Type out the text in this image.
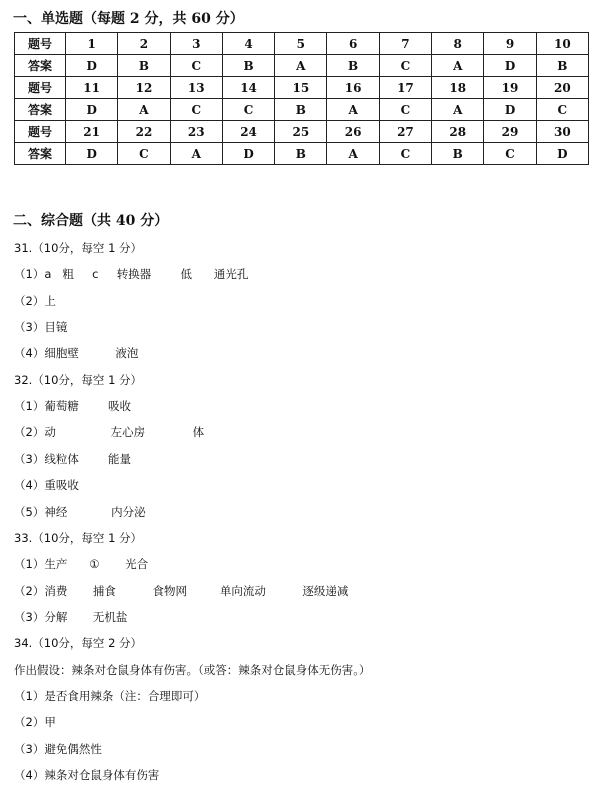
一、单选题（每题 2 分，共 60 分）
题号	1	2	3	4	5	6	7	8	9	10
答案	D	B	C	B	A	B	C	A	D	B
题号	11	12	13	14	15	16	17	18	19	20
答案	D	A	C	C	B	A	C	A	D	C
题号	21	22	23	24	25	26	27	28	29	30
答案	D	C	A	D	B	A	C	B	C	D
二、综合题（共 40 分）
31.（10分，每空 1 分）
（1）a   粗     c     转换器        低      通光孔
（2）上
（3）目镜
（4）细胞壁          液泡
32.（10分，每空 1 分）
（1）葡萄糖        吸收
（2）动               左心房             体
（3）线粒体        能量
（4）重吸收
（5）神经            内分泌
33.（10分，每空 1 分）
（1）生产      ①       光合
（2）消费       捕食          食物网         单向流动          逐级递减
（3）分解       无机盐
34.（10分，每空 2 分）
作出假设：辣条对仓鼠身体有伤害。（或答：辣条对仓鼠身体无伤害。）
（1）是否食用辣条（注：合理即可）
（2）甲
（3）避免偶然性
（4）辣条对仓鼠身体有伤害
